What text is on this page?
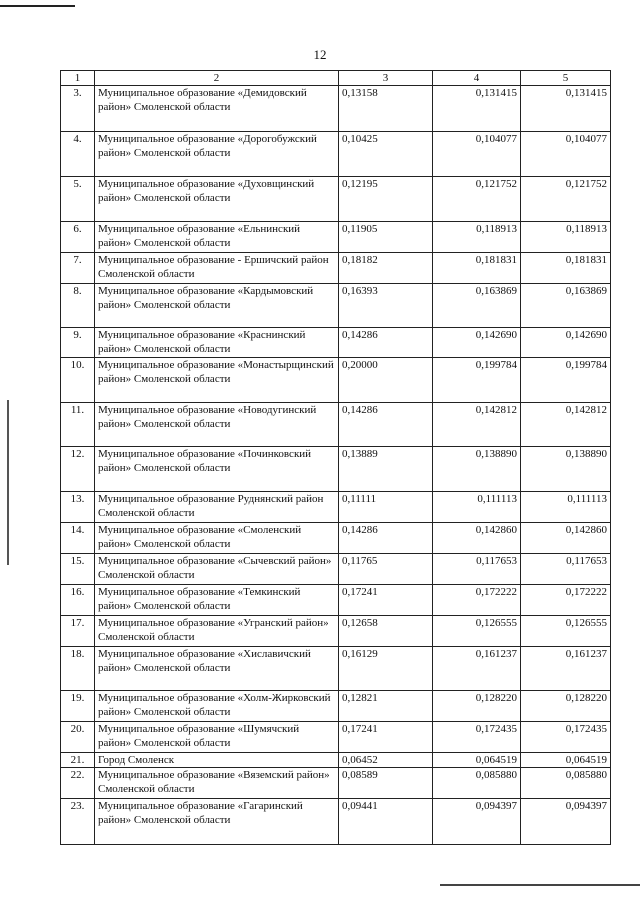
12
1	2	3	4	5
3.	Муниципальное образование «Демидовский район» Смоленской области	0,13158	0,131415	0,131415
4.	Муниципальное образование «Дорогобужский район» Смоленской области	0,10425	0,104077	0,104077
5.	Муниципальное образование «Духовщинский район» Смоленской области	0,12195	0,121752	0,121752
6.	Муниципальное образование «Ельнинский район» Смоленской области	0,11905	0,118913	0,118913
7.	Муниципальное образование - Ершичский район Смоленской области	0,18182	0,181831	0,181831
8.	Муниципальное образование «Кардымовский район» Смоленской области	0,16393	0,163869	0,163869
9.	Муниципальное образование «Краснинский район» Смоленской области	0,14286	0,142690	0,142690
10.	Муниципальное образование «Монастырщинский район» Смоленской области	0,20000	0,199784	0,199784
11.	Муниципальное образование «Новодугинский район» Смоленской области	0,14286	0,142812	0,142812
12.	Муниципальное образование «Починковский район» Смоленской области	0,13889	0,138890	0,138890
13.	Муниципальное образование Руднянский район Смоленской области	0,11111	0,111113	0,111113
14.	Муниципальное образование «Смоленский район» Смоленской области	0,14286	0,142860	0,142860
15.	Муниципальное образование «Сычевский район» Смоленской области	0,11765	0,117653	0,117653
16.	Муниципальное образование «Темкинский район» Смоленской области	0,17241	0,172222	0,172222
17.	Муниципальное образование «Угранский район» Смоленской области	0,12658	0,126555	0,126555
18.	Муниципальное образование «Хиславичский район» Смоленской области	0,16129	0,161237	0,161237
19.	Муниципальное образование «Холм-Жирковский район» Смоленской области	0,12821	0,128220	0,128220
20.	Муниципальное образование «Шумячский район» Смоленской области	0,17241	0,172435	0,172435
21.	Город Смоленск	0,06452	0,064519	0,064519
22.	Муниципальное образование «Вяземский район» Смоленской области	0,08589	0,085880	0,085880
23.	Муниципальное образование «Гагаринский район» Смоленской области	0,09441	0,094397	0,094397
